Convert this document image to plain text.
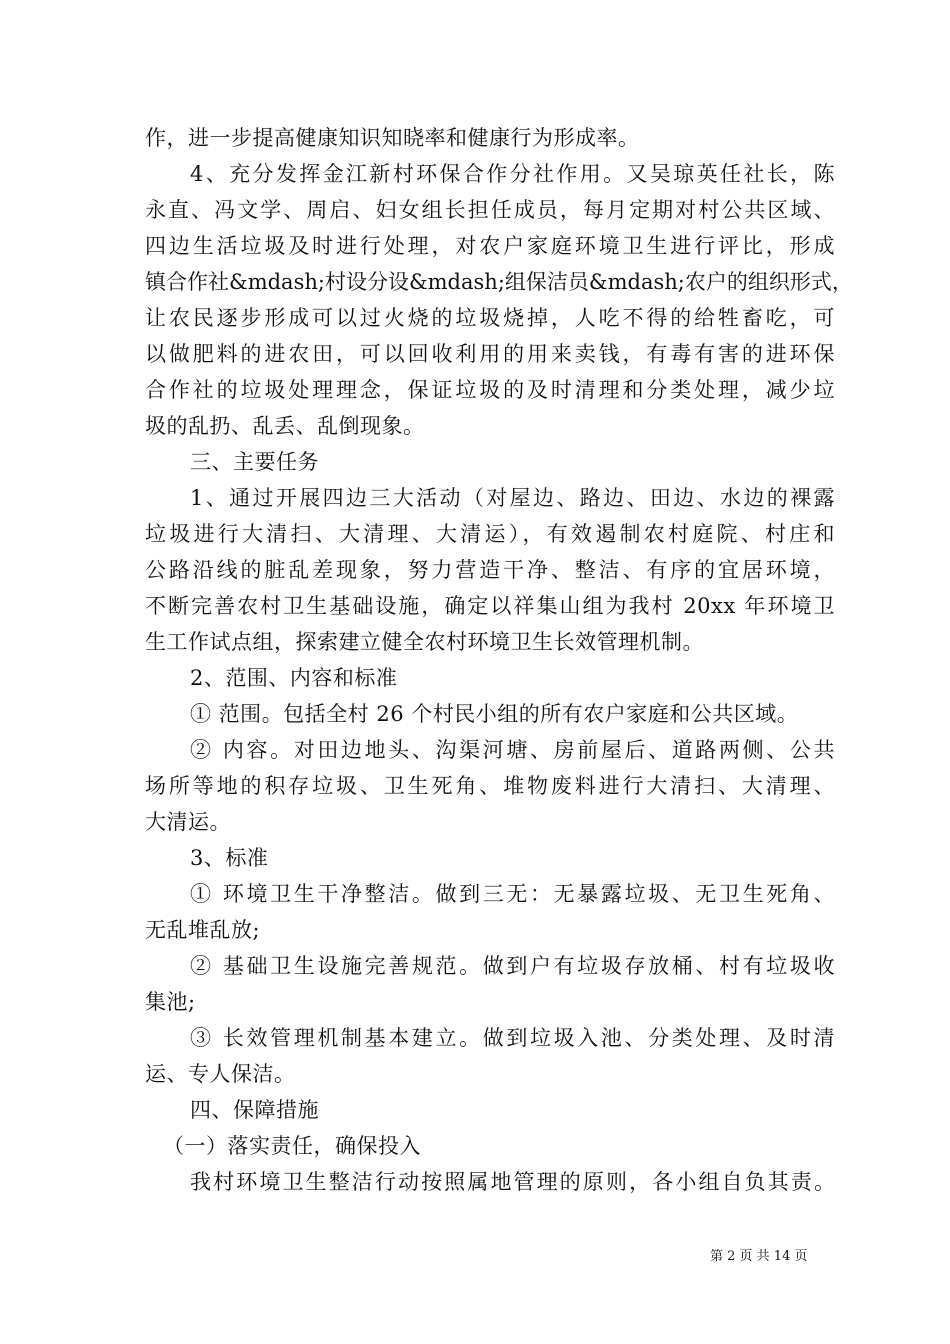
作，进一步提高健康知识知晓率和健康行为形成率。
4、充分发挥金江新村环保合作分社作用。又吴琼英任社长，陈
永直、冯文学、周启、妇女组长担任成员，每月定期对村公共区域、
四边生活垃圾及时进行处理，对农户家庭环境卫生进行评比，形成
镇合作社&mdash;村设分设&mdash;组保洁员&mdash;农户的组织形式，
让农民逐步形成可以过火烧的垃圾烧掉，人吃不得的给牲畜吃，可
以做肥料的进农田，可以回收利用的用来卖钱，有毒有害的进环保
合作社的垃圾处理理念，保证垃圾的及时清理和分类处理，减少垃
圾的乱扔、乱丢、乱倒现象。
三、主要任务
1、通过开展四边三大活动（对屋边、路边、田边、水边的裸露
垃圾进行大清扫、大清理、大清运），有效遏制农村庭院、村庄和
公路沿线的脏乱差现象，努力营造干净、整洁、有序的宜居环境，
不断完善农村卫生基础设施，确定以祥集山组为我村 20xx 年环境卫
生工作试点组，探索建立健全农村环境卫生长效管理机制。
2、范围、内容和标准
① 范围。包括全村 26 个村民小组的所有农户家庭和公共区域。
② 内容。对田边地头、沟渠河塘、房前屋后、道路两侧、公共
场所等地的积存垃圾、卫生死角、堆物废料进行大清扫、大清理、
大清运。
3、标准
① 环境卫生干净整洁。做到三无：无暴露垃圾、无卫生死角、
无乱堆乱放;
② 基础卫生设施完善规范。做到户有垃圾存放桶、村有垃圾收
集池;
③ 长效管理机制基本建立。做到垃圾入池、分类处理、及时清
运、专人保洁。
四、保障措施
（一）落实责任，确保投入
我村环境卫生整洁行动按照属地管理的原则，各小组自负其责。
第 2 页 共 14 页
